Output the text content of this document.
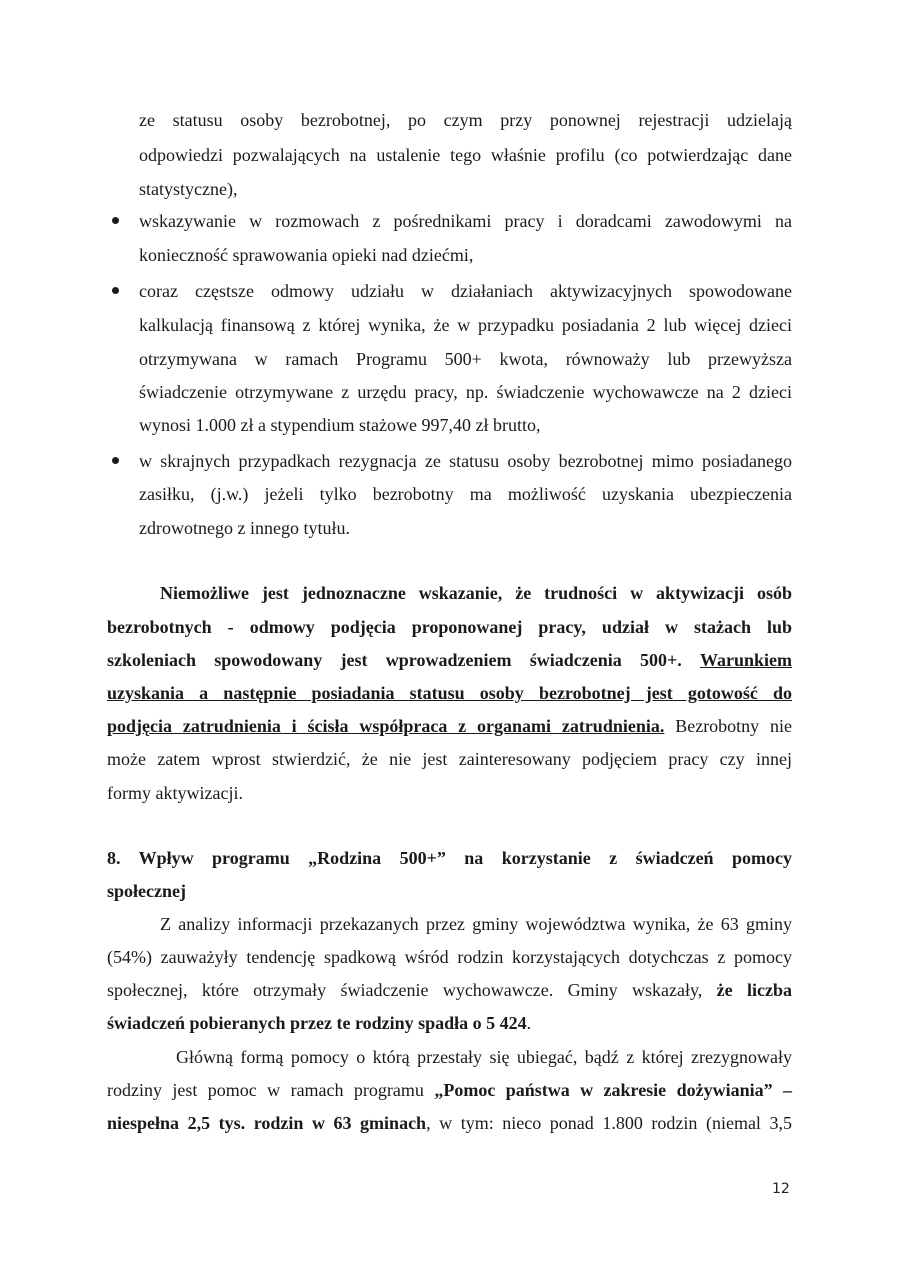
ze statusu osoby bezrobotnej, po czym przy ponownej rejestracji udzielają
odpowiedzi pozwalających na ustalenie tego właśnie profilu (co potwierdzając dane
statystyczne),
wskazywanie w rozmowach z pośrednikami pracy i doradcami zawodowymi na
konieczność sprawowania opieki nad dziećmi,
coraz częstsze odmowy udziału w działaniach aktywizacyjnych spowodowane
kalkulacją finansową z której wynika, że w przypadku posiadania 2 lub więcej dzieci
otrzymywana w ramach Programu 500+ kwota, równoważy lub przewyższa
świadczenie otrzymywane z urzędu pracy, np. świadczenie wychowawcze na 2 dzieci
wynosi 1.000 zł a stypendium stażowe 997,40 zł brutto,
w skrajnych przypadkach rezygnacja ze statusu osoby bezrobotnej mimo posiadanego
zasiłku, (j.w.) jeżeli tylko bezrobotny ma możliwość uzyskania ubezpieczenia
zdrowotnego z innego tytułu.
Niemożliwe jest jednoznaczne wskazanie, że trudności w aktywizacji osób
bezrobotnych - odmowy podjęcia proponowanej pracy, udział w stażach lub
szkoleniach spowodowany jest wprowadzeniem świadczenia 500+. Warunkiem
uzyskania a następnie posiadania statusu osoby bezrobotnej jest gotowość do
podjęcia zatrudnienia i ścisła współpraca z organami zatrudnienia. Bezrobotny nie
może zatem wprost stwierdzić, że nie jest zainteresowany podjęciem pracy czy innej
formy aktywizacji.
8. Wpływ programu „Rodzina 500+” na korzystanie z świadczeń pomocy
społecznej
Z analizy informacji przekazanych przez gminy województwa wynika, że 63 gminy
(54%) zauważyły tendencję spadkową wśród rodzin korzystających dotychczas z pomocy
społecznej, które otrzymały świadczenie wychowawcze. Gminy wskazały, że liczba
świadczeń pobieranych przez te rodziny spadła o 5 424.
Główną formą pomocy o którą przestały się ubiegać, bądź z której zrezygnowały
rodziny jest pomoc w ramach programu „Pomoc państwa w zakresie dożywiania” –
niespełna 2,5 tys. rodzin w 63 gminach, w tym: nieco ponad 1.800 rodzin (niemal 3,5
12
